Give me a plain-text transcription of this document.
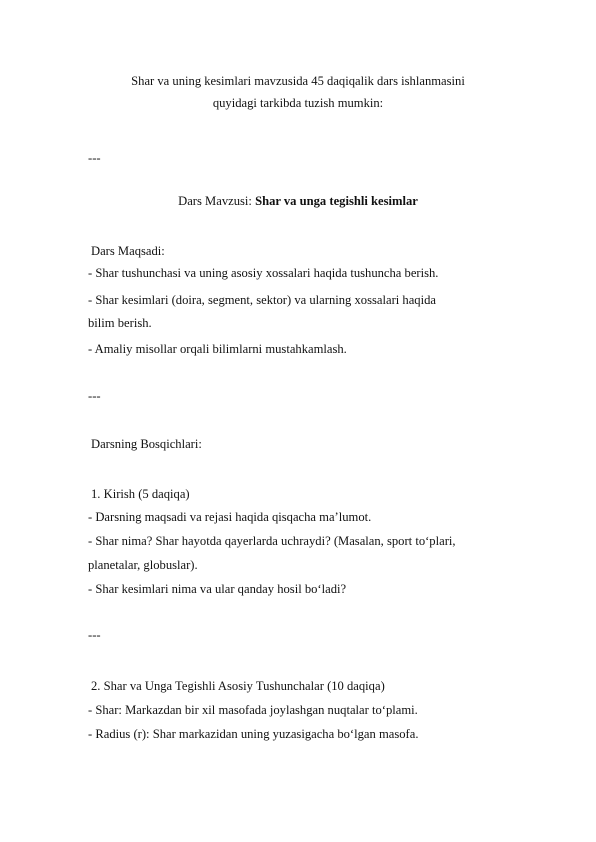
Shar va uning kesimlari mavzusida 45 daqiqalik dars ishlanmasini
quyidagi tarkibda tuzish mumkin:
---
Dars Mavzusi: Shar va unga tegishli kesimlar
Dars Maqsadi:
- Shar tushunchasi va uning asosiy xossalari haqida tushuncha berish.
- Shar kesimlari (doira, segment, sektor) va ularning xossalari haqida
bilim berish.
- Amaliy misollar orqali bilimlarni mustahkamlash.
---
Darsning Bosqichlari:
1. Kirish (5 daqiqa)
- Darsning maqsadi va rejasi haqida qisqacha ma’lumot.
- Shar nima? Shar hayotda qayerlarda uchraydi? (Masalan, sport to‘plari,
planetalar, globuslar).
- Shar kesimlari nima va ular qanday hosil bo‘ladi?
---
2. Shar va Unga Tegishli Asosiy Tushunchalar (10 daqiqa)
- Shar: Markazdan bir xil masofada joylashgan nuqtalar to‘plami.
- Radius (r): Shar markazidan uning yuzasigacha bo‘lgan masofa.
